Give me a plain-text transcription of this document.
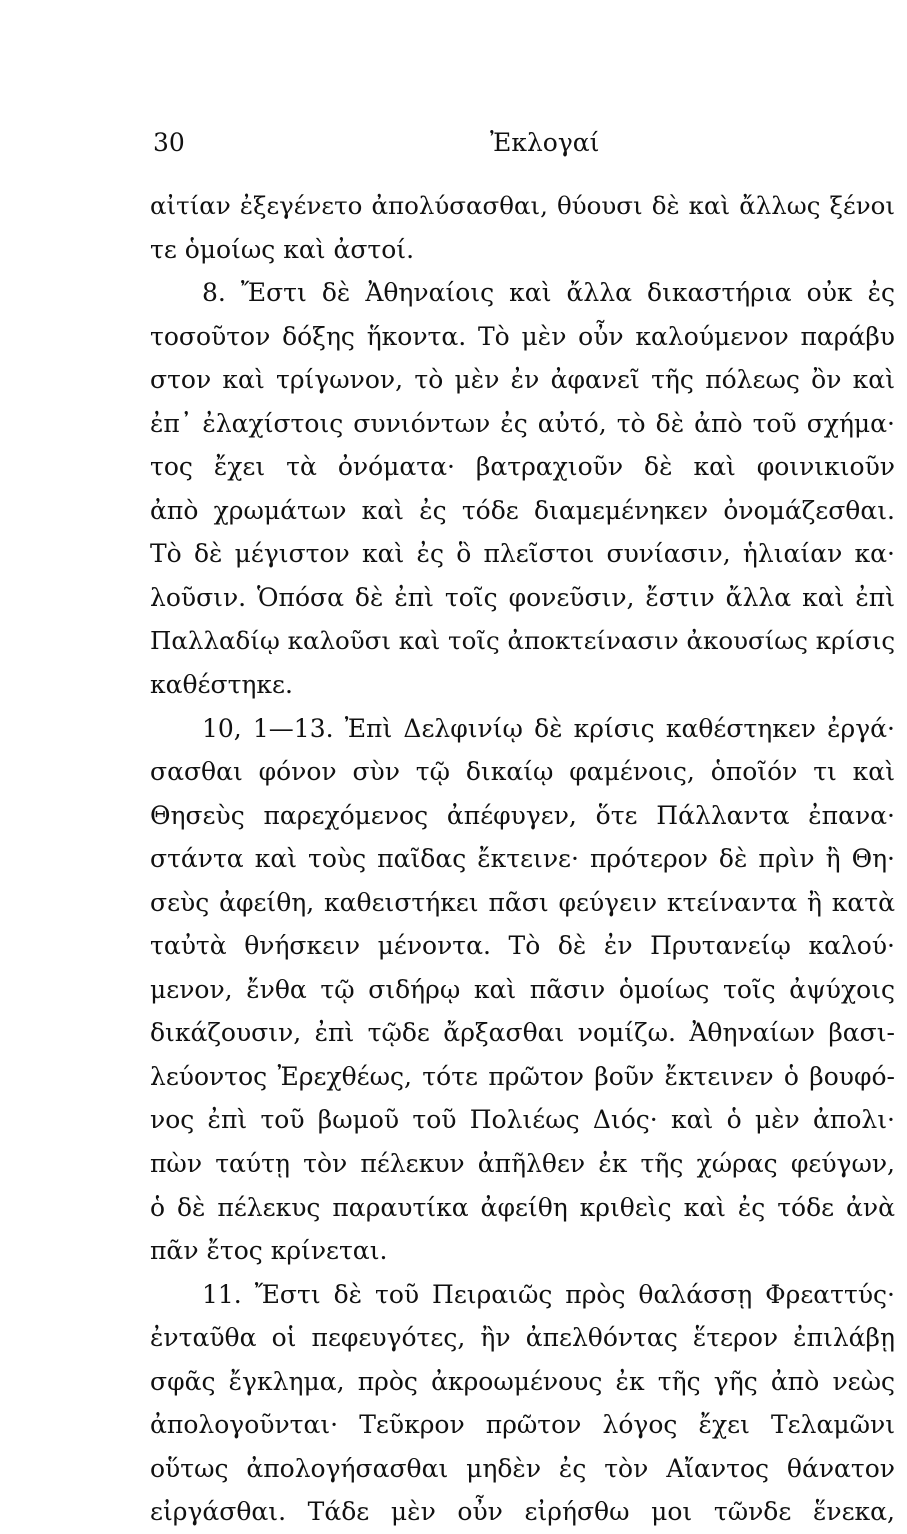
30	Ἐκλογαί
αἰτίαν ἐξεγένετο ἀπολύσασθαι, θύουσι δὲ καὶ ἄλλως ξένοι
τε ὁμοίως καὶ ἀστοί.
8. Ἔστι δὲ Ἀθηναίοις καὶ ἄλλα δικαστήρια οὐκ ἐς
τοσοῦτον δόξης ἥκοντα. Τὸ μὲν οὖν καλούμενον παράβυ
στον καὶ τρίγωνον, τὸ μὲν ἐν ἀφανεῖ τῆς πόλεως ὂν καὶ
ἐπ᾽ ἐλαχίστοις συνιόντων ἐς αὐτό, τὸ δὲ ἀπὸ τοῦ σχήμα·
τος ἔχει τὰ ὀνόματα· βατραχιοῦν δὲ καὶ φοινικιοῦν
ἀπὸ χρωμάτων καὶ ἐς τόδε διαμεμένηκεν ὀνομάζεσθαι.
Τὸ δὲ μέγιστον καὶ ἐς ὃ πλεῖστοι συνίασιν, ἡλιαίαν κα·
λοῦσιν. Ὁπόσα δὲ ἐπὶ τοῖς φονεῦσιν, ἔστιν ἄλλα καὶ ἐπὶ
Παλλαδίῳ καλοῦσι καὶ τοῖς ἀποκτείνασιν ἀκουσίως κρίσις
καθέστηκε.
10, 1—13. Ἐπὶ Δελφινίῳ δὲ κρίσις καθέστηκεν ἐργά·
σασθαι φόνον σὺν τῷ δικαίῳ φαμένοις, ὁποῖόν τι καὶ
Θησεὺς παρεχόμενος ἀπέφυγεν, ὅτε Πάλλαντα ἐπανα·
στάντα καὶ τοὺς παῖδας ἔκτεινε· πρότερον δὲ πρὶν ἢ Θη·
σεὺς ἀφείθη, καθειστήκει πᾶσι φεύγειν κτείναντα ἢ κατὰ
ταὐτὰ θνήσκειν μένοντα. Τὸ δὲ ἐν Πρυτανείῳ καλού·
μενον, ἔνθα τῷ σιδήρῳ καὶ πᾶσιν ὁμοίως τοῖς ἀψύχοις
δικάζουσιν, ἐπὶ τῷδε ἄρξασθαι νομίζω. Ἀθηναίων βασι-
λεύοντος Ἐρεχθέως, τότε πρῶτον βοῦν ἔκτεινεν ὁ βουφό-
νος ἐπὶ τοῦ βωμοῦ τοῦ Πολιέως Διός· καὶ ὁ μὲν ἀπολι·
πὼν ταύτῃ τὸν πέλεκυν ἀπῆλθεν ἐκ τῆς χώρας φεύγων,
ὁ δὲ πέλεκυς παραυτίκα ἀφείθη κριθεὶς καὶ ἐς τόδε ἀνὰ
πᾶν ἔτος κρίνεται.
11. Ἔστι δὲ τοῦ Πειραιῶς πρὸς θαλάσσῃ Φρεαττύς·
ἐνταῦθα οἱ πεφευγότες, ἢν ἀπελθόντας ἕτερον ἐπιλάβῃ
σφᾶς ἔγκλημα, πρὸς ἀκροωμένους ἐκ τῆς γῆς ἀπὸ νεὼς
ἀπολογοῦνται· Τεῦκρον πρῶτον λόγος ἔχει Τελαμῶνι
οὕτως ἀπολογήσασθαι μηδὲν ἐς τὸν Αἴαντος θάνατον
εἰργάσθαι. Τάδε μὲν οὖν εἰρήσθω μοι τῶνδε ἕνεκα,
